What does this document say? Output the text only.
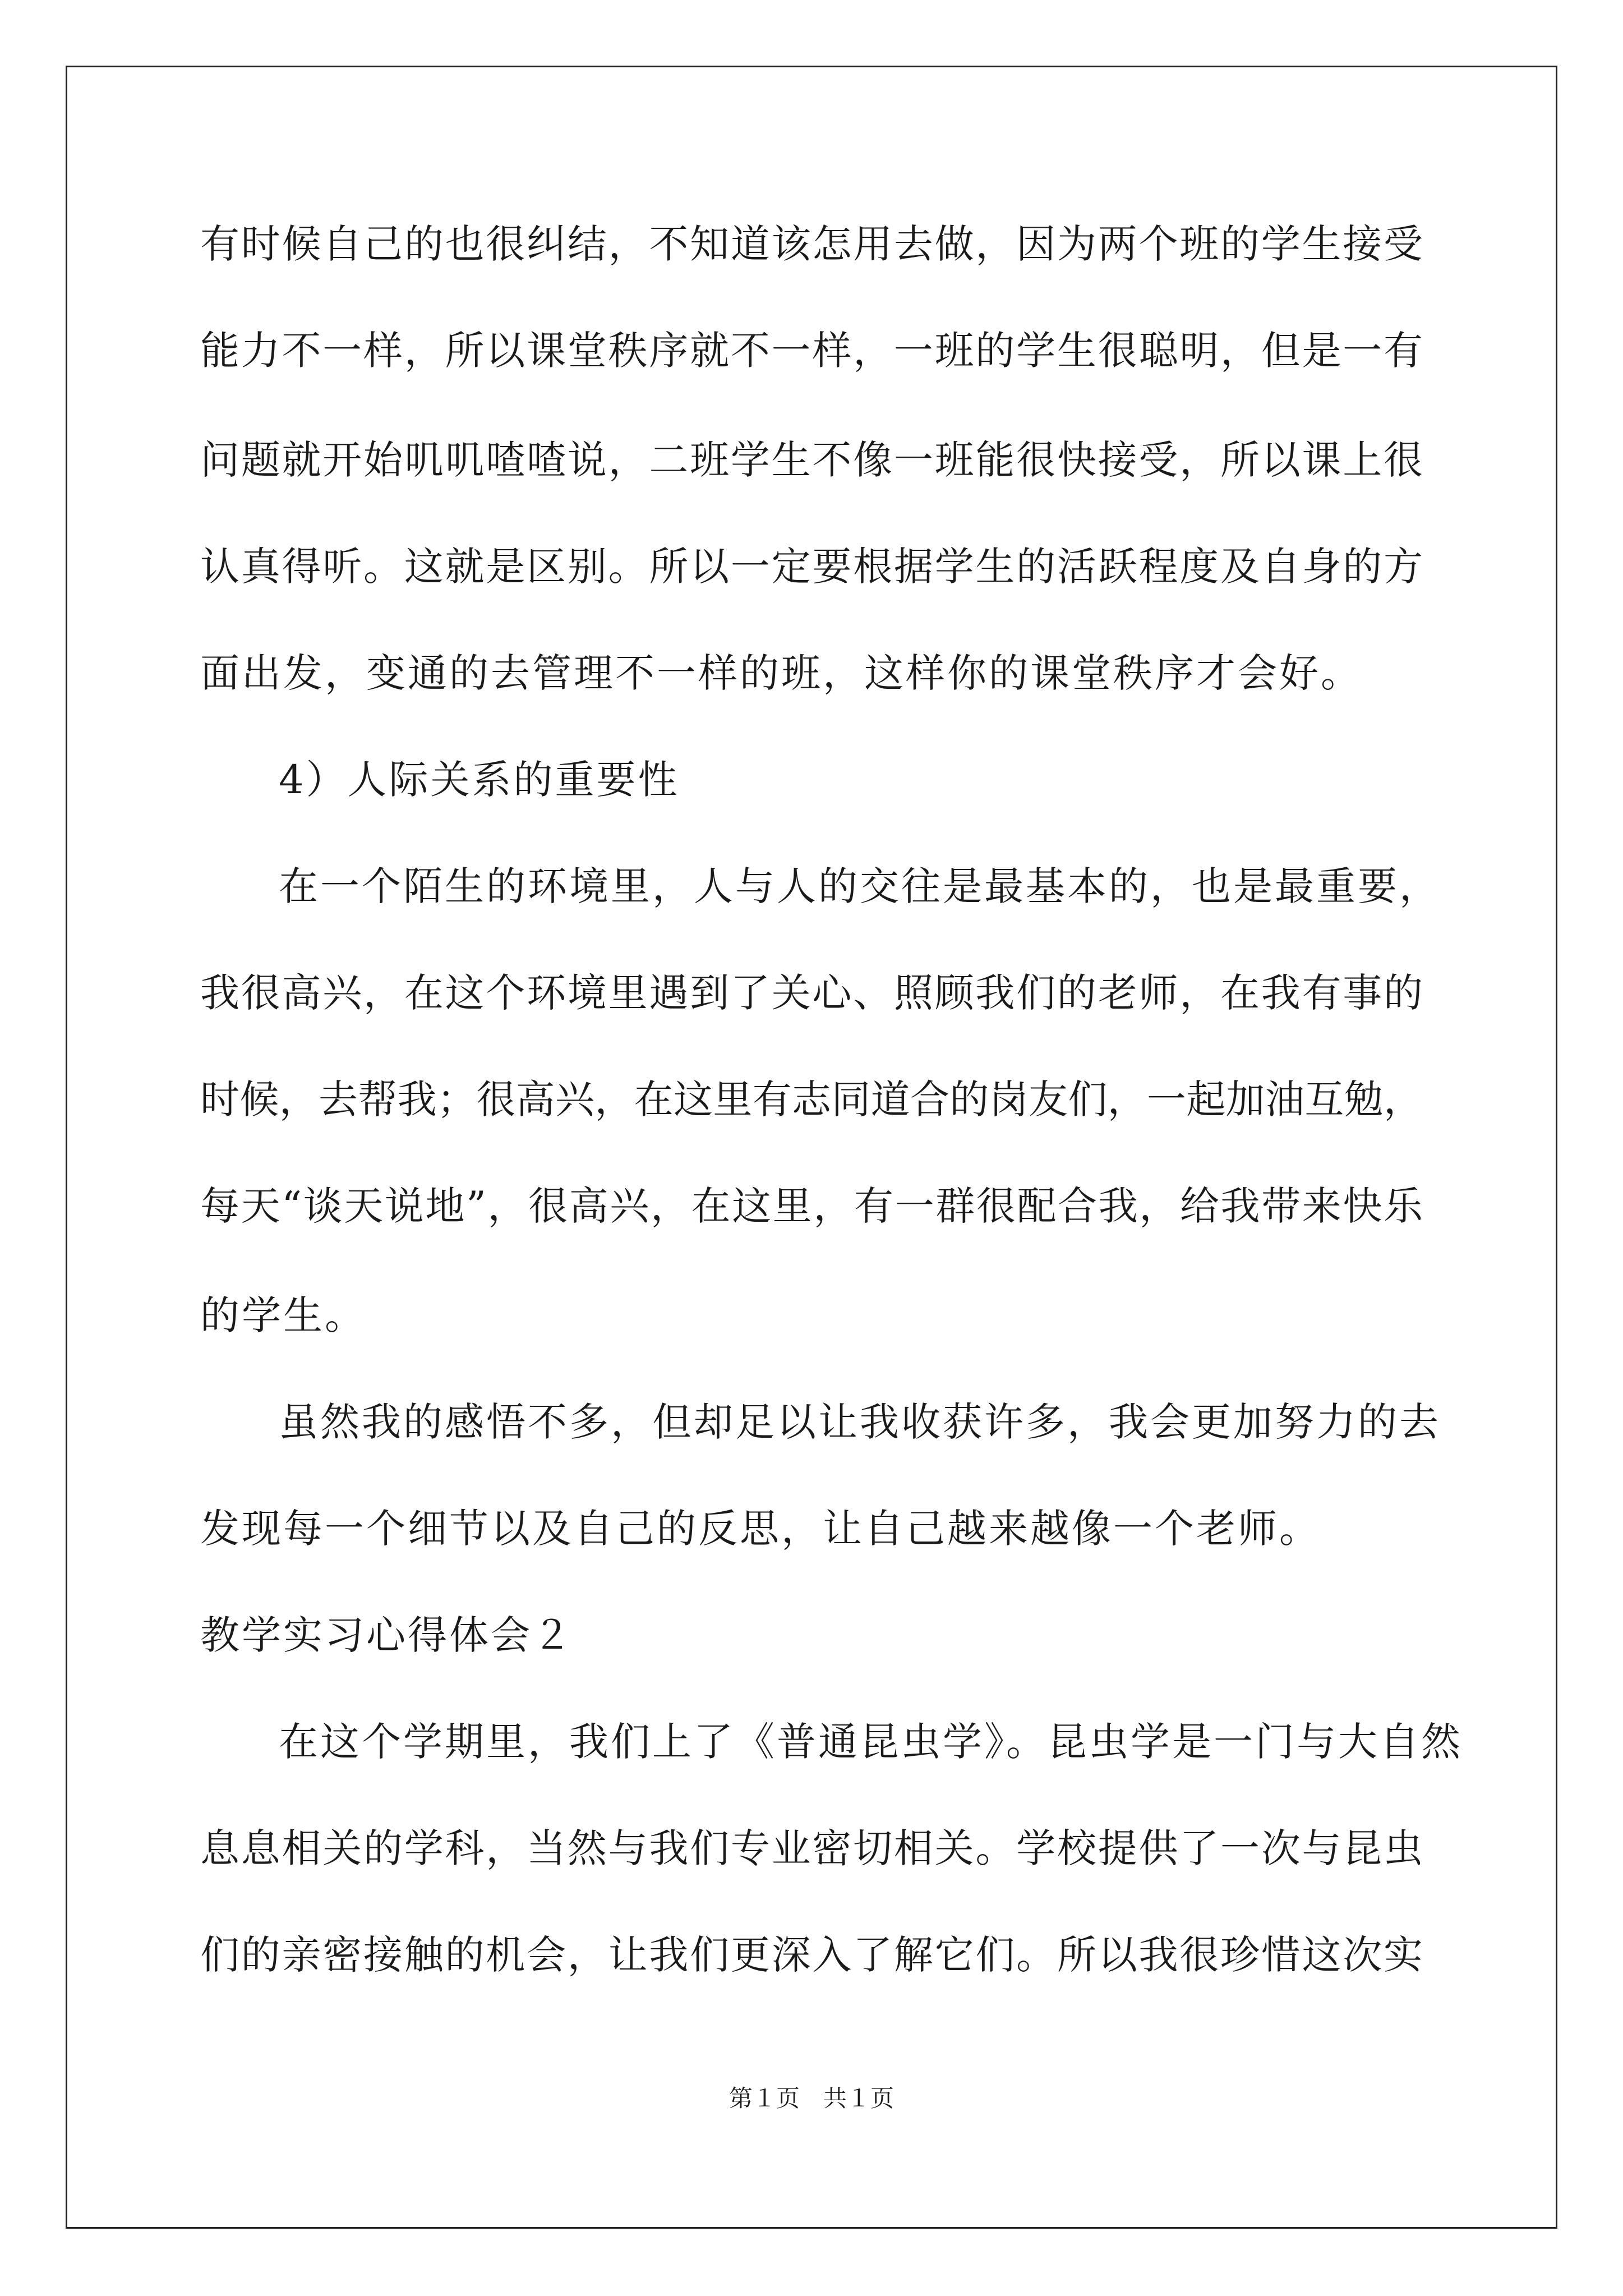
有时候自己的也很纠结，不知道该怎用去做，因为两个班的学生接受
能力不一样，所以课堂秩序就不一样，一班的学生很聪明，但是一有
问题就开始叽叽喳喳说，二班学生不像一班能很快接受，所以课上很
认真得听。这就是区别。所以一定要根据学生的活跃程度及自身的方
面出发，变通的去管理不一样的班，这样你的课堂秩序才会好。
4）人际关系的重要性
在一个陌生的环境里，人与人的交往是最基本的，也是最重要，
我很高兴，在这个环境里遇到了关心、照顾我们的老师，在我有事的
时候，去帮我；很高兴，在这里有志同道合的岗友们，一起加油互勉，
每天“谈天说地”，很高兴，在这里，有一群很配合我，给我带来快乐
的学生。
虽然我的感悟不多，但却足以让我收获许多，我会更加努力的去
发现每一个细节以及自己的反思，让自己越来越像一个老师。
教学实习心得体会２
在这个学期里，我们上了《普通昆虫学》。昆虫学是一门与大自然
息息相关的学科，当然与我们专业密切相关。学校提供了一次与昆虫
们的亲密接触的机会，让我们更深入了解它们。所以我很珍惜这次实
第１页　共１页
